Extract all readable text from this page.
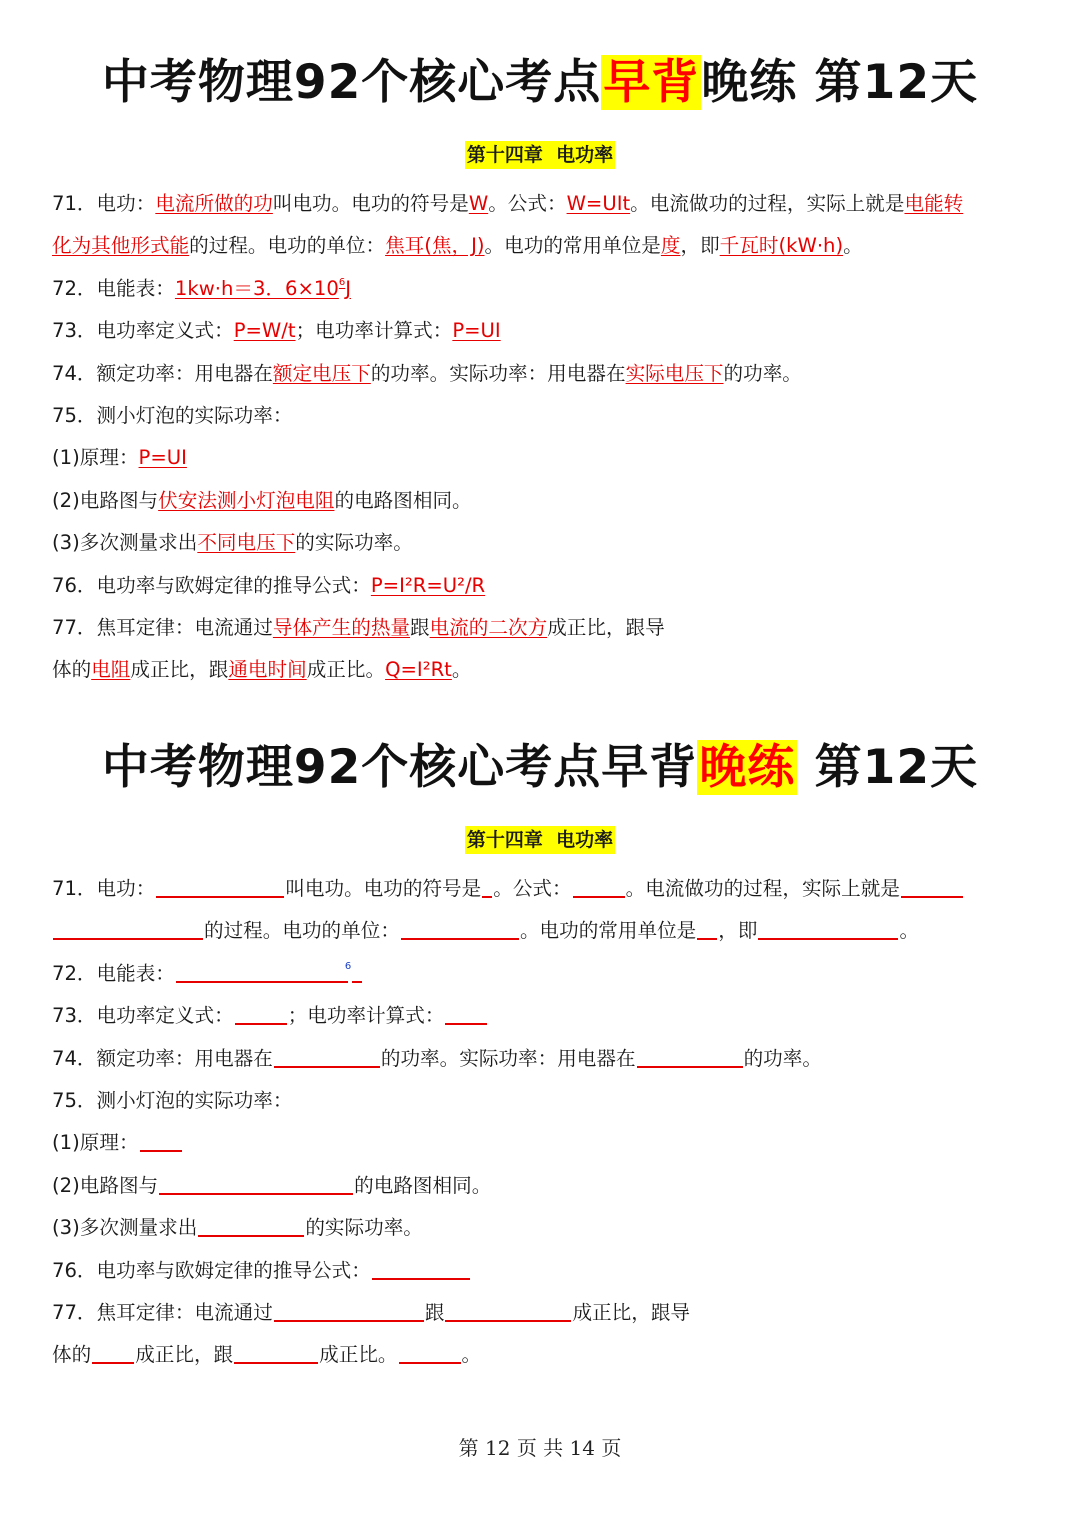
中考物理92个核心考点早背晚练 第12天
第十四章  电功率
71．电功：电流所做的功叫电功。电功的符号是W。公式：W=UIt。电流做功的过程，实际上就是电能转
化为其他形式能的过程。电功的单位：焦耳(焦，J)。电功的常用单位是度，即千瓦时(kW·h)。
72．电能表：1kw·h＝3．$6\times 10^6J$
73．电功率定义式：P=W/t；电功率计算式：P=UI
74．额定功率：用电器在额定电压下的功率。实际功率：用电器在实际电压下的功率。
75．测小灯泡的实际功率：
(1)原理：P=UI
(2)电路图与伏安法测小灯泡电阻的电路图相同。
(3)多次测量求出不同电压下的实际功率。
76．电功率与欧姆定律的推导公式：P=I²R=U²/R
77．焦耳定律：电流通过导体产生的热量跟电流的二次方成正比，跟导
体的电阻成正比，跟通电时间成正比。Q=I²Rt。
中考物理92个核心考点早背晚练 第12天
第十四章  电功率
71．电功：	叫电功。电功的符号是 。公式：	。电流做功的过程，实际上就是
的过程。电功的单位：	。电功的常用单位是 ，即	。
72．电能表：	$^6$
73．电功率定义式：	；电功率计算式：
74．额定功率：用电器在	的功率。实际功率：用电器在	的功率。
75．测小灯泡的实际功率：
(1)原理：
(2)电路图与	的电路图相同。
(3)多次测量求出	的实际功率。
76．电功率与欧姆定律的推导公式：
77．焦耳定律：电流通过	跟	成正比，跟导
体的 成正比，跟	成正比。	。
第 12 页 共 14 页
